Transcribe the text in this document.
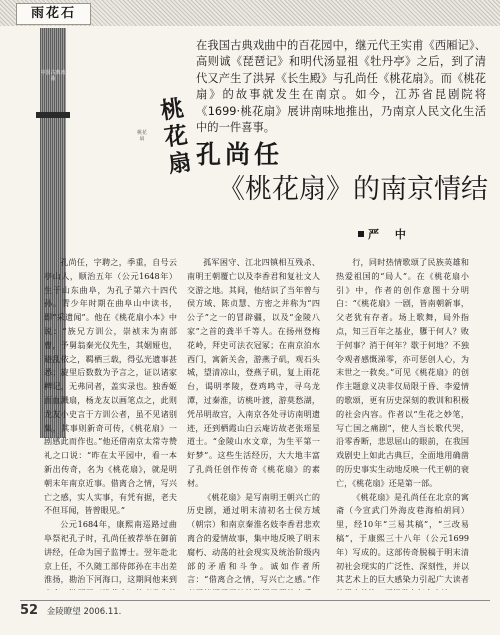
雨花石
中国古典戏曲
在我国古典戏曲中的百花园中，继元代王实甫《西厢记》、高则诚《琵琶记》和明代汤显祖《牡丹亭》之后，到了清代又产生了洪昇《长生殿》与孔尚任《桃花扇》。而《桃花扇》的故事就发生在南京。如今，江苏省昆剧院将《1699·桃花扇》展讲南味地推出，乃南京人民文化生活中的一件喜事。
桃
花
扇
桃花扇
孔尚任
《桃花扇》的南京情结
严 中

孔尚任，字聘之，季重，自号云亭山人，顺治五年（公元1648年）生于山东曲阜，为孔子第六十四代孙。青少年时期在曲阜山中读书，即“采遗闻”。他在《桃花扇小本》中说：“族兄方训公，崇祯末为南部曹，予舅翁秦光仪先生，其姻娅也，避乱依之，羁栖三载，得弘光遗事甚悉；旋里后数数为予言之，证以诸家稗记，无弗同者，盖实录也。独香姬面血溅扇，杨龙友以画笔点之，此则龙友小史言于方训公者，虽不见诸别集，其事则新奇可传，《桃花扇》一剧感此而作也。”他还借南京太常寺赞礼之口说：“昨在太平园中，看一本新出传奇，名为《桃花扇》，就是明朝末年南京近事。借离合之情，写兴亡之感，实人实事，有凭有据，老夫不但耳闻，皆曾眼见。”

公元1684年，康熙南巡路过曲阜祭祀孔子时，孔尚任被荐举在御前讲经，任命为国子监博士。翌年赴北京上任，不久随工部侍郎孙在丰出差淮扬，勘治下河海口，这期间他来到

孤军困守、江北四镇相互残杀、南明王朝覆亡以及李香君和复社文人交游之地。其间，他结识了当年曾与侯方域、陈贞慧、方密之并称为“四公子”之一的冒辟疆，以及“金陵八家”之首的龚半千等人。在扬州登梅花岭，拜史可法衣冠冢；在南京泊水西门，寓新关舍，游燕子矶，观石头城，望清凉山，登燕子矶，复上雨花台，谒明孝陵，登鸡鸣寺，寻乌龙潭，过秦淮，访桃叶渡，游莫愁湖，凭吊明故宫，入南京各处寻访南明遗迹，还到栖霞山白云庵访故老张瑶星道士。“金陵山水文章，为生平第一好梦”。这些生活经历，大大地丰富了孔尚任创作传奇《桃花扇》的素材。

《桃花扇》是写南明王朝兴亡的历史剧，通过明末清初名士侯方域（朝宗）和南京秦淮名妓李香君悲欢离合的爱情故事，集中地反映了明末腐朽、动荡的社会现实及统治阶级内部的矛盾和斗争。诚如作者所言：“借离合之情，写兴亡之感。”作

行，同时热情歌颂了民族英雄和热爱祖国的“局人”。在《桃花扇小引》中，作者的创作意图十分明白：“《桃花扇》一剧，皆南朝新事，父老犹有存者。场上歌舞，局外指点，知三百年之基业，隳于何人？败于何事？消于何年？歇于何地？不独令观者感慨涕零，亦可惩创人心，为末世之一救矣。”可见《桃花扇》的创作主题意义决非仅局限于昏、李爱情的歌颂，更有历史深刻的教训和积极的社会内容。作者以“生花之妙笔，写亡国之痛剧”，使人当长歌代哭，沿零香断，悲思屈山的眼前，在我国戏剧史上如此古典巨，全面地用确凿的历史事实生动地反映一代王朝的衰亡，《桃花扇》还是第一部。

《桃花扇》是孔尚任在北京的寓斋（今宣武门外海皮巷海柏胡同）里，经10年“三易其稿”，“三改易稿”，于康熙三十八年（公元1699年）写成的。这部传奇脱稿于明末清初社会现实的广泛性、深刻性，并以其艺术上的巨大感染力引起广大读者

52 金陵瞭望 2006.11.
